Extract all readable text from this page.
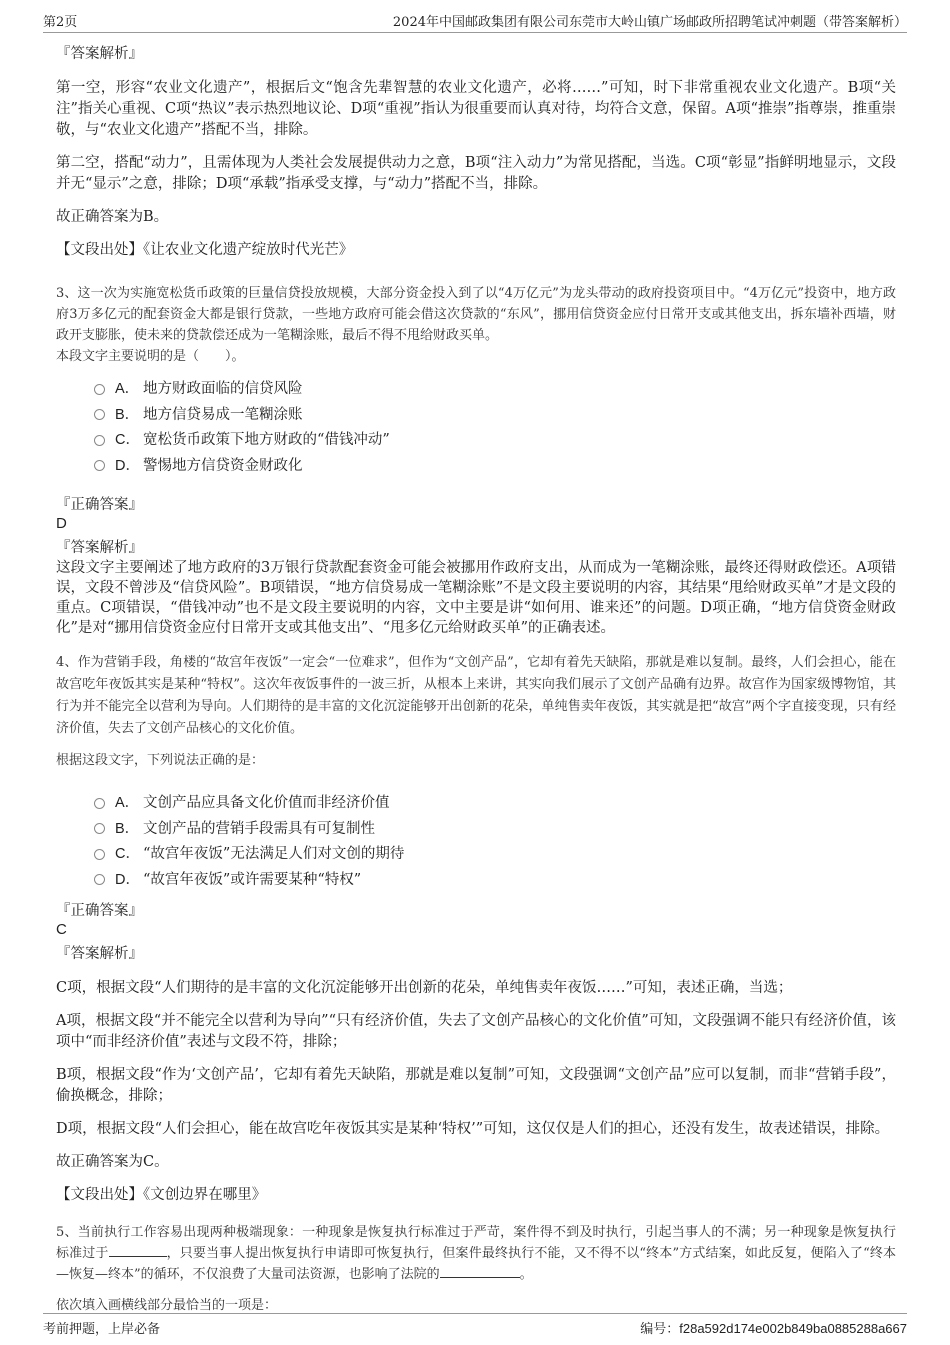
第2页	2024年中国邮政集团有限公司东莞市大岭山镇广场邮政所招聘笔试冲刺题（带答案解析）

『答案解析』

第一空，形容“农业文化遗产”，根据后文“饱含先辈智慧的农业文化遗产，必将……”可知，时下非常重视农业文化遗产。B项“关注”指关心重视、C项“热议”表示热烈地议论、D项“重视”指认为很重要而认真对待，均符合文意，保留。A项“推崇”指尊崇，推重崇敬，与“农业文化遗产”搭配不当，排除。

第二空，搭配“动力”，且需体现为人类社会发展提供动力之意，B项“注入动力”为常见搭配，当选。C项“彰显”指鲜明地显示，文段并无“显示”之意，排除；D项“承载”指承受支撑，与“动力”搭配不当，排除。

故正确答案为B。

【文段出处】《让农业文化遗产绽放时代光芒》

3、这一次为实施宽松货币政策的巨量信贷投放规模，大部分资金投入到了以“4万亿元”为龙头带动的政府投资项目中。“4万亿元”投资中，地方政府3万多亿元的配套资金大都是银行贷款，一些地方政府可能会借这次贷款的“东风”，挪用信贷资金应付日常开支或其他支出，拆东墙补西墙，财政开支膨胀，使未来的贷款偿还成为一笔糊涂账，最后不得不甩给财政买单。

本段文字主要说明的是（　　）。

A． 地方财政面临的信贷风险
B． 地方信贷易成一笔糊涂账
C． 宽松货币政策下地方财政的“借钱冲动”
D． 警惕地方信贷资金财政化

『正确答案』

D

『答案解析』

这段文字主要阐述了地方政府的3万银行贷款配套资金可能会被挪用作政府支出，从而成为一笔糊涂账，最终还得财政偿还。A项错误，文段不曾涉及“信贷风险”。B项错误，“地方信贷易成一笔糊涂账”不是文段主要说明的内容，其结果“甩给财政买单”才是文段的重点。C项错误，“借钱冲动”也不是文段主要说明的内容，文中主要是讲“如何用、谁来还”的问题。D项正确，“地方信贷资金财政化”是对“挪用信贷资金应付日常开支或其他支出”、“甩多亿元给财政买单”的正确表述。

4、作为营销手段，角楼的“故宫年夜饭”一定会“一位难求”，但作为“文创产品”，它却有着先天缺陷，那就是难以复制。最终，人们会担心，能在故宫吃年夜饭其实是某种“特权”。这次年夜饭事件的一波三折，从根本上来讲，其实向我们展示了文创产品确有边界。故宫作为国家级博物馆，其行为并不能完全以营利为导向。人们期待的是丰富的文化沉淀能够开出创新的花朵，单纯售卖年夜饭，其实就是把“故宫”两个字直接变现，只有经济价值，失去了文创产品核心的文化价值。

根据这段文字，下列说法正确的是：

A． 文创产品应具备文化价值而非经济价值
B． 文创产品的营销手段需具有可复制性
C． “故宫年夜饭”无法满足人们对文创的期待
D． “故宫年夜饭”或许需要某种“特权”

『正确答案』

C

『答案解析』

C项，根据文段“人们期待的是丰富的文化沉淀能够开出创新的花朵，单纯售卖年夜饭……”可知，表述正确，当选；

A项，根据文段“并不能完全以营利为导向”“只有经济价值，失去了文创产品核心的文化价值”可知，文段强调不能只有经济价值，该项中“而非经济价值”表述与文段不符，排除；

B项，根据文段“作为‘文创产品’，它却有着先天缺陷，那就是难以复制”可知，文段强调“文创产品”应可以复制，而非“营销手段”，偷换概念，排除；

D项，根据文段“人们会担心，能在故宫吃年夜饭其实是某种‘特权’”可知，这仅仅是人们的担心，还没有发生，故表述错误，排除。

故正确答案为C。

【文段出处】《文创边界在哪里》

5、当前执行工作容易出现两种极端现象：一种现象是恢复执行标准过于严苛，案件得不到及时执行，引起当事人的不满；另一种现象是恢复执行标准过于	，只要当事人提出恢复执行申请即可恢复执行，但案件最终执行不能，又不得不以“终本”方式结案，如此反复，便陷入了“终本—恢复—终本”的循环，不仅浪费了大量司法资源，也影响了法院的	。

依次填入画横线部分最恰当的一项是：

考前押题，上岸必备	编号：f28a592d174e002b849ba0885288a667
